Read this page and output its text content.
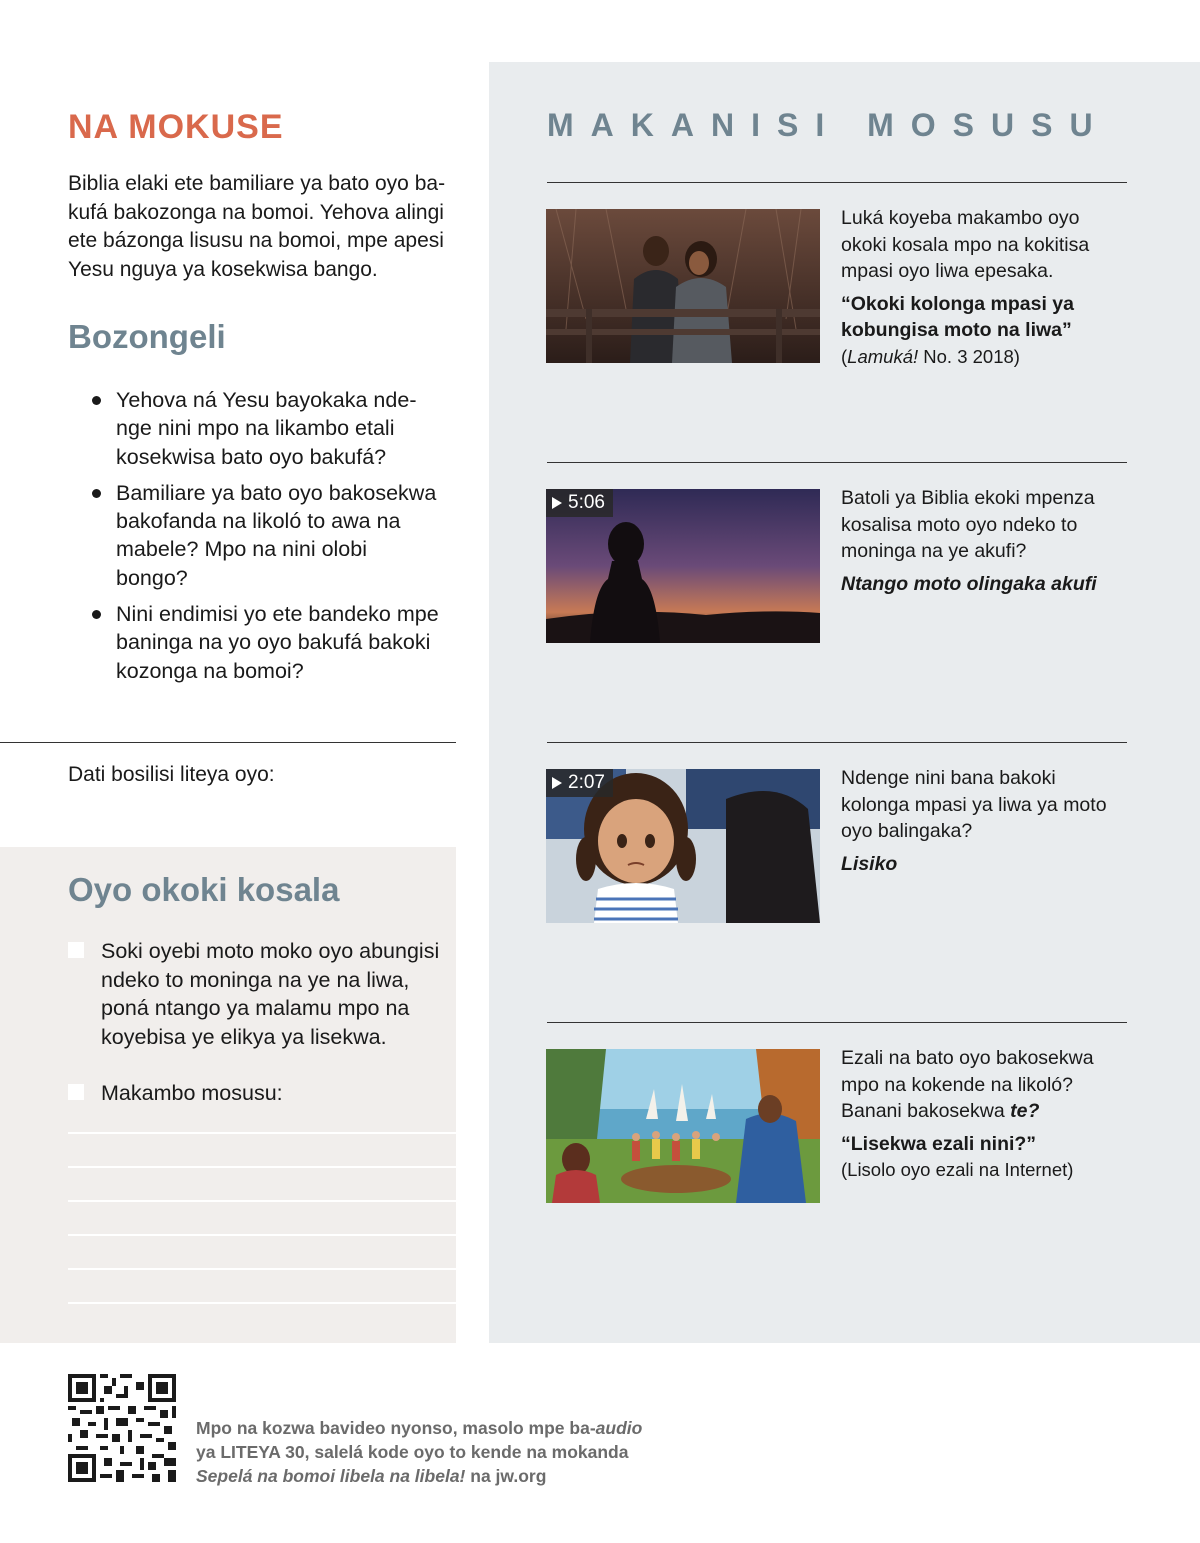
NA MOKUSE

Biblia elaki ete bamiliare ya bato oyo bakufá bakozonga na bomoi. Yehova alingi ete bázonga lisusu na bomoi, mpe apesi Yesu nguya ya kosekwisa bango.

Bozongeli
Yehova ná Yesu bayokaka ndenge nini mpo na likambo etali kosekwisa bato oyo bakufá?
Bamiliare ya bato oyo bakosekwa bakofanda na likoló to awa na mabele? Mpo na nini olobi bongo?
Nini endimisi yo ete bandeko mpe baninga na yo oyo bakufá bakoki kozonga na bomoi?
Dati bosilisi liteya oyo:
Oyo okoki kosala
Soki oyebi moto moko oyo abungisi ndeko to moninga na ye na liwa, poná ntango ya malamu mpo na koyebisa ye elikya ya lisekwa.
Makambo mosusu:
MAKANISI MOSUSU
Luká koyeba makambo oyo okoki kosala mpo na kokitisa mpasi oyo liwa epesaka.
“Okoki kolonga mpasi ya kobungisa moto na liwa”
(Lamuká! No. 3 2018)
5:06	Batoli ya Biblia ekoki mpenza kosalisa moto oyo ndeko to moninga na ye akufi?
Ntango moto olingaka akufi
2:07	Ndenge nini bana bakoki kolonga mpasi ya liwa ya moto oyo balingaka?
Lisiko
Ezali na bato oyo bakosekwa mpo na kokende na likoló? Banani bakosekwa te?
“Lisekwa ezali nini?”
(Lisolo oyo ezali na Internet)
Mpo na kozwa bavideo nyonso, masolo mpe ba-audio
ya LITEYA 30, salelá kode oyo to kende na mokanda
Sepelá na bomoi libela na libela! na jw.org
